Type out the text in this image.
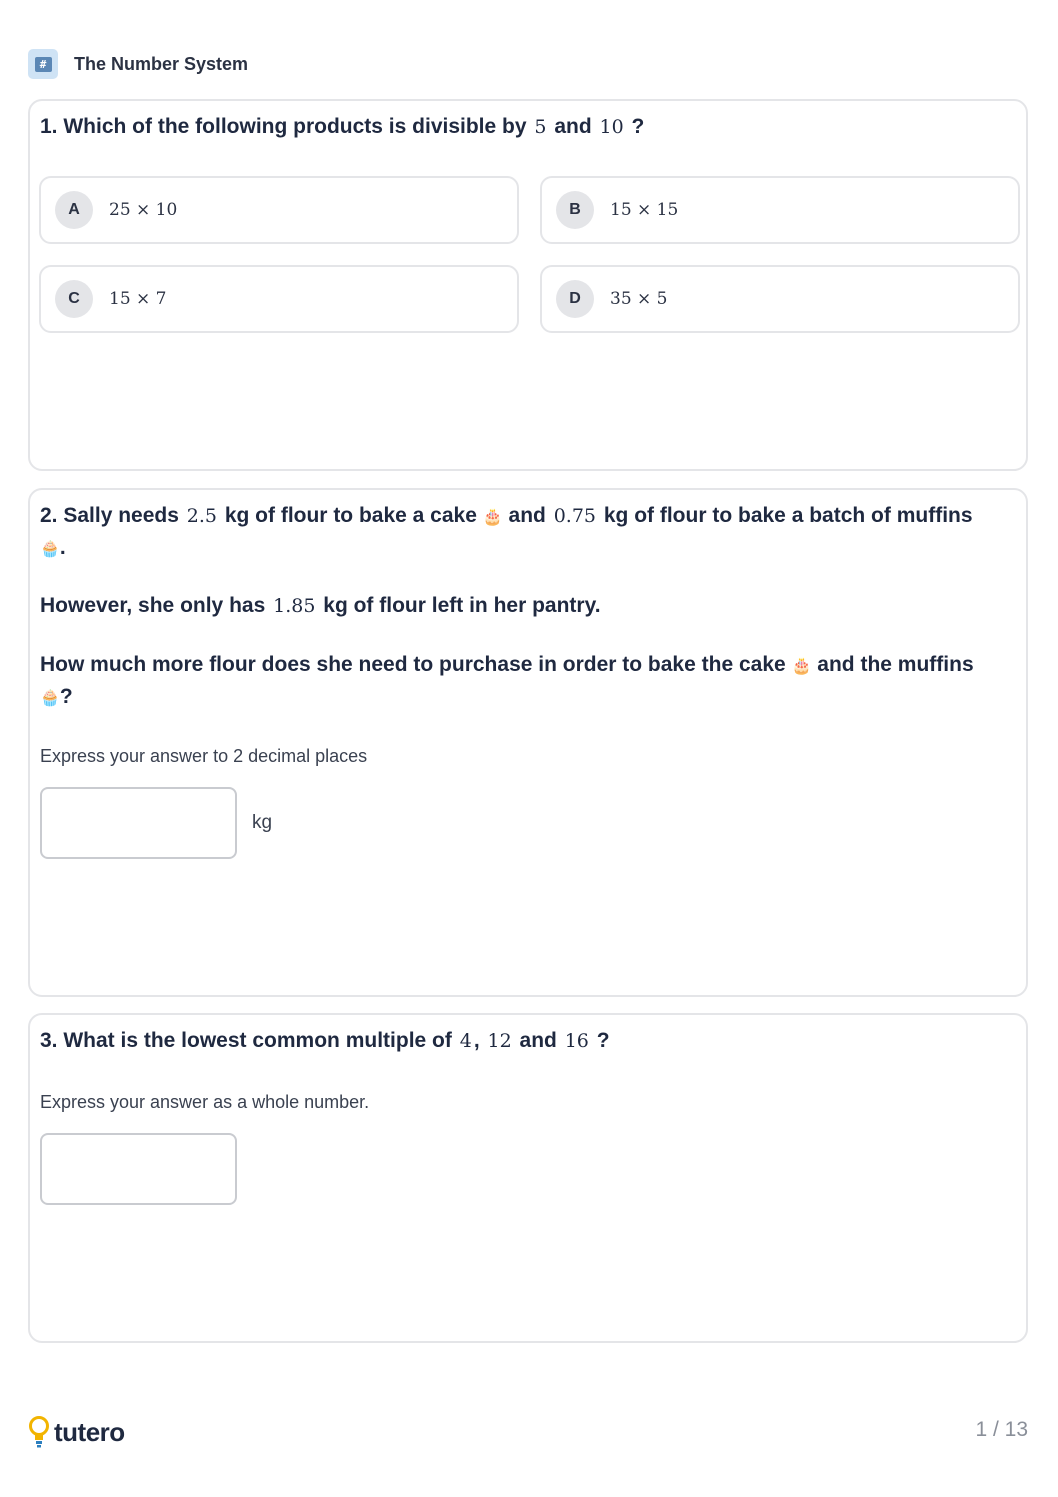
# The Number System
1. Which of the following products is divisible by 5 and 10 ?
A	25 × 10	B	15 × 15
C	15 × 7	D	35 × 5
2. Sally needs 2.5 kg of flour to bake a cake 🎂 and 0.75 kg of flour to bake a batch of muffins 🧁.
However, she only has 1.85 kg of flour left in her pantry.
How much more flour does she need to purchase in order to bake the cake 🎂 and the muffins 🧁?
Express your answer to 2 decimal places
kg
3. What is the lowest common multiple of 4, 12 and 16 ?
Express your answer as a whole number.
tutero	1 / 13
